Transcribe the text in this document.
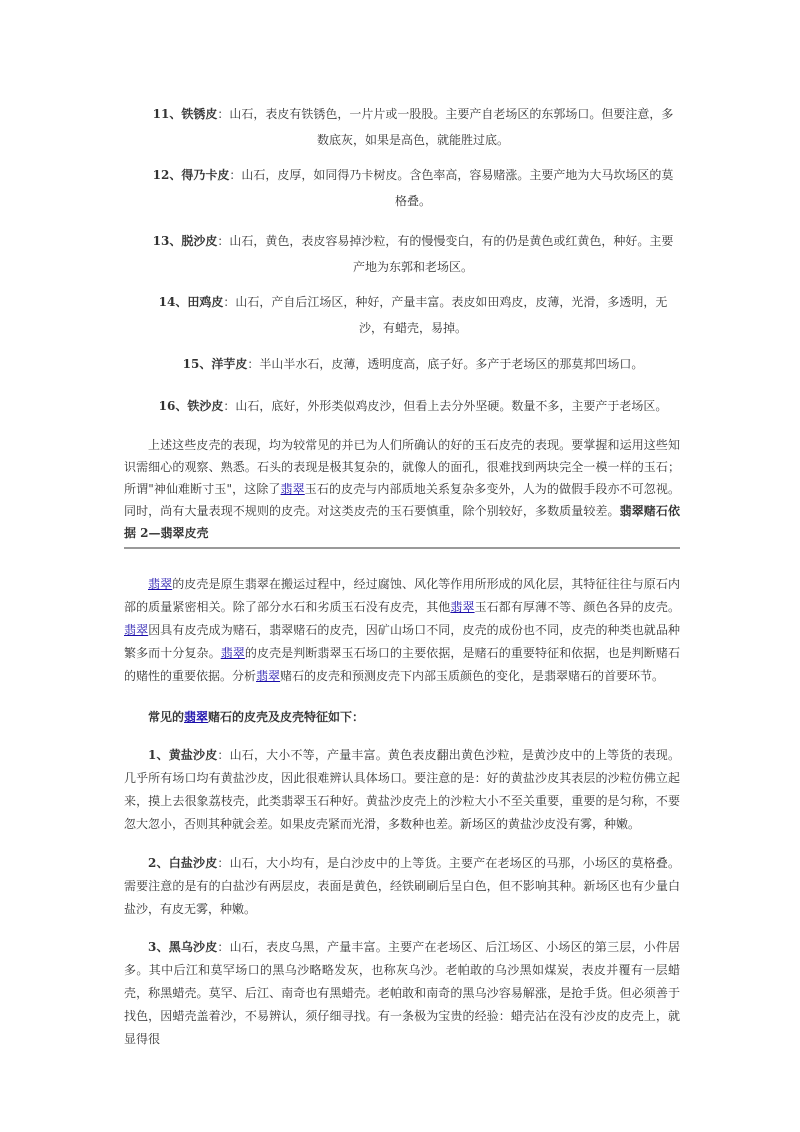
11、铁锈皮：山石，表皮有铁锈色，一片片或一股股。主要产自老场区的东郭场口。但要注意，多数底灰，如果是高色，就能胜过底。
12、得乃卡皮：山石，皮厚，如同得乃卡树皮。含色率高，容易赌涨。主要产地为大马坎场区的莫格叠。
13、脱沙皮：山石，黄色，表皮容易掉沙粒，有的慢慢变白，有的仍是黄色或红黄色，种好。主要产地为东郭和老场区。
14、田鸡皮：山石，产自后江场区，种好，产量丰富。表皮如田鸡皮，皮薄，光滑，多透明，无沙，有蜡壳，易掉。
15、洋芋皮：半山半水石，皮薄，透明度高，底子好。多产于老场区的那莫邦凹场口。
16、铁沙皮：山石，底好，外形类似鸡皮沙，但看上去分外坚硬。数量不多，主要产于老场区。
上述这些皮壳的表现，均为较常见的并已为人们所确认的好的玉石皮壳的表现。要掌握和运用这些知识需细心的观察、熟悉。石头的表现是极其复杂的，就像人的面孔，很难找到两块完全一模一样的玉石；所谓"神仙难断寸玉"，这除了翡翠玉石的皮壳与内部质地关系复杂多变外，人为的做假手段亦不可忽视。同时，尚有大量表现不规则的皮壳。对这类皮壳的玉石要慎重，除个别较好，多数质量较差。翡翠赌石依据 2—翡翠皮壳
翡翠的皮壳是原生翡翠在搬运过程中，经过腐蚀、风化等作用所形成的风化层，其特征往往与原石内部的质量紧密相关。除了部分水石和劣质玉石没有皮壳，其他翡翠玉石都有厚薄不等、颜色各异的皮壳。翡翠因具有皮壳成为赌石，翡翠赌石的皮壳，因矿山场口不同，皮壳的成份也不同，皮壳的种类也就品种繁多而十分复杂。翡翠的皮壳是判断翡翠玉石场口的主要依据，是赌石的重要特征和依据，也是判断赌石的赌性的重要依据。分析翡翠赌石的皮壳和预测皮壳下内部玉质颜色的变化，是翡翠赌石的首要环节。
常见的翡翠赌石的皮壳及皮壳特征如下：
1、黄盐沙皮：山石，大小不等，产量丰富。黄色表皮翻出黄色沙粒，是黄沙皮中的上等货的表现。几乎所有场口均有黄盐沙皮，因此很难辨认具体场口。要注意的是：好的黄盐沙皮其表层的沙粒仿佛立起来，摸上去很象荔枝壳，此类翡翠玉石种好。黄盐沙皮壳上的沙粒大小不至关重要，重要的是匀称，不要忽大忽小，否则其种就会差。如果皮壳紧而光滑，多数种也差。新场区的黄盐沙皮没有雾，种嫩。
2、白盐沙皮：山石，大小均有，是白沙皮中的上等货。主要产在老场区的马那，小场区的莫格叠。需要注意的是有的白盐沙有两层皮，表面是黄色，经铁刷刷后呈白色，但不影响其种。新场区也有少量白盐沙，有皮无雾，种嫩。
3、黑乌沙皮：山石，表皮乌黑，产量丰富。主要产在老场区、后江场区、小场区的第三层，小件居多。其中后江和莫罕场口的黑乌沙略略发灰，也称灰乌沙。老帕敢的乌沙黑如煤炭，表皮并覆有一层蜡壳，称黑蜡壳。莫罕、后江、南奇也有黑蜡壳。老帕敢和南奇的黑乌沙容易解涨，是抢手货。但必须善于找色，因蜡壳盖着沙，不易辨认，须仔细寻找。有一条极为宝贵的经验：蜡壳沾在没有沙皮的皮壳上，就显得很
